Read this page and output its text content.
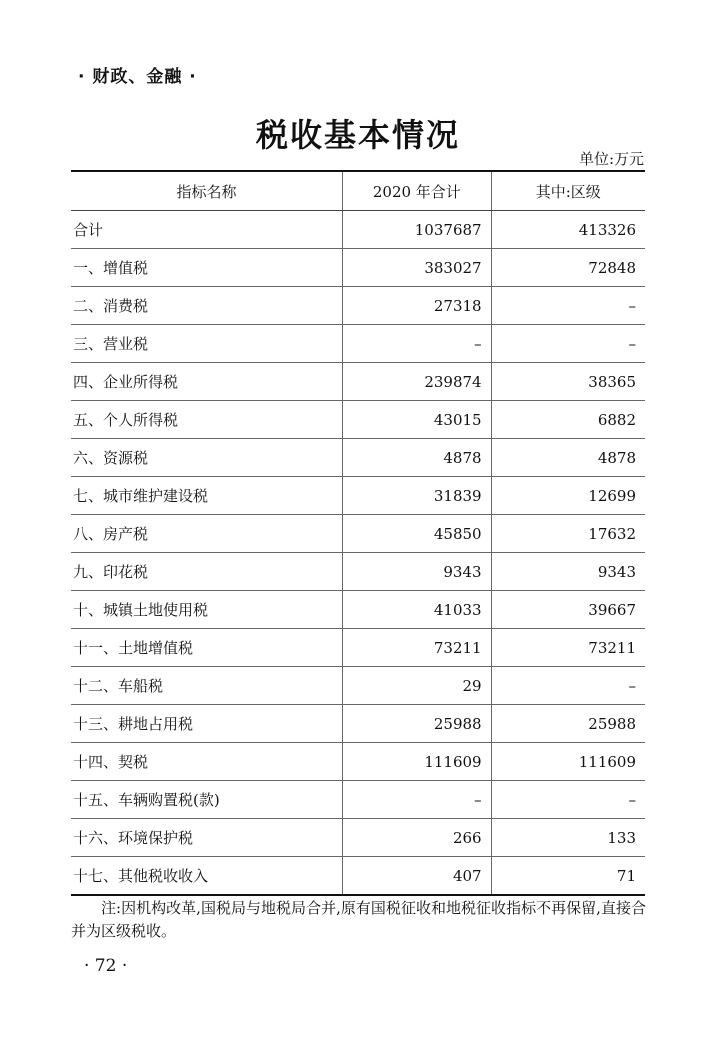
· 财政、金融 ·
税收基本情况
单位:万元
指标名称	2020 年合计	其中:区级
合计	1037687	413326
一、增值税	383027	72848
二、消费税	27318	–
三、营业税	–	–
四、企业所得税	239874	38365
五、个人所得税	43015	6882
六、资源税	4878	4878
七、城市维护建设税	31839	12699
八、房产税	45850	17632
九、印花税	9343	9343
十、城镇土地使用税	41033	39667
十一、土地增值税	73211	73211
十二、车船税	29	–
十三、耕地占用税	25988	25988
十四、契税	111609	111609
十五、车辆购置税(款)	–	–
十六、环境保护税	266	133
十七、其他税收收入	407	71
注:因机构改革,国税局与地税局合并,原有国税征收和地税征收指标不再保留,直接合并为区级税收。
· 72 ·
